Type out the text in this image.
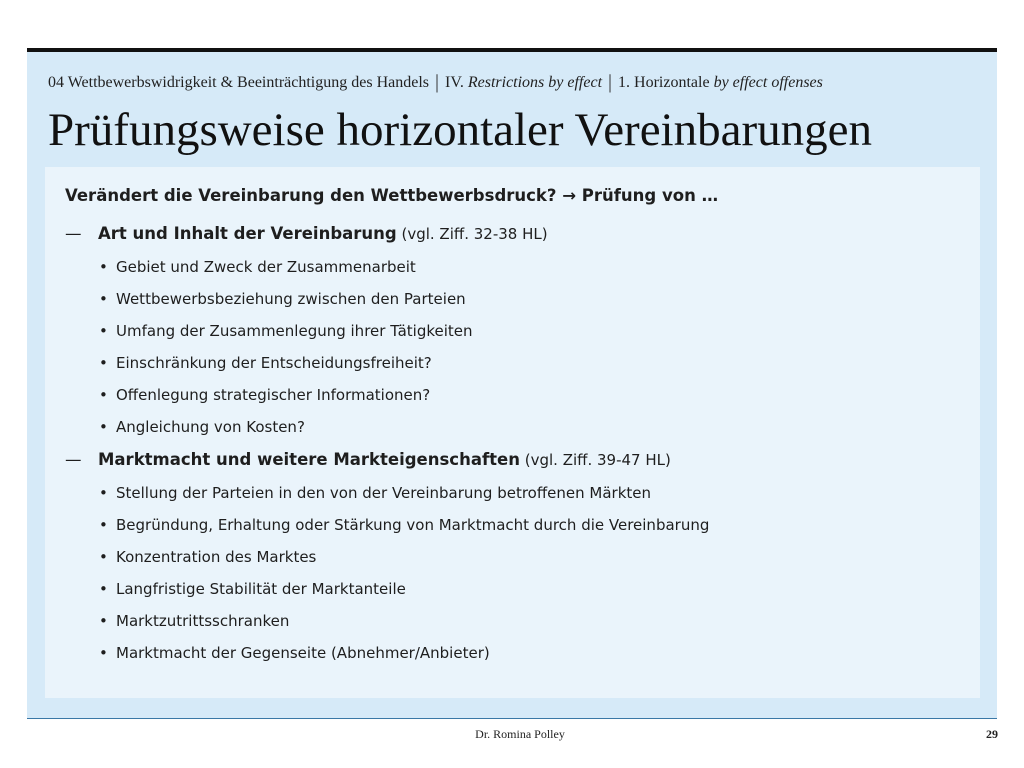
04 Wettbewerbswidrigkeit & Beeinträchtigung des Handels | IV. Restrictions by effect | 1. Horizontale by effect offenses
Prüfungsweise horizontaler Vereinbarungen
Verändert die Vereinbarung den Wettbewerbsdruck? → Prüfung von …
— Art und Inhalt der Vereinbarung (vgl. Ziff. 32-38 HL)
• Gebiet und Zweck der Zusammenarbeit
• Wettbewerbsbeziehung zwischen den Parteien
• Umfang der Zusammenlegung ihrer Tätigkeiten
• Einschränkung der Entscheidungsfreiheit?
• Offenlegung strategischer Informationen?
• Angleichung von Kosten?
— Marktmacht und weitere Markteigenschaften (vgl. Ziff. 39-47 HL)
• Stellung der Parteien in den von der Vereinbarung betroffenen Märkten
• Begründung, Erhaltung oder Stärkung von Marktmacht durch die Vereinbarung
• Konzentration des Marktes
• Langfristige Stabilität der Marktanteile
• Marktzutrittsschranken
• Marktmacht der Gegenseite (Abnehmer/Anbieter)
Dr. Romina Polley	29
